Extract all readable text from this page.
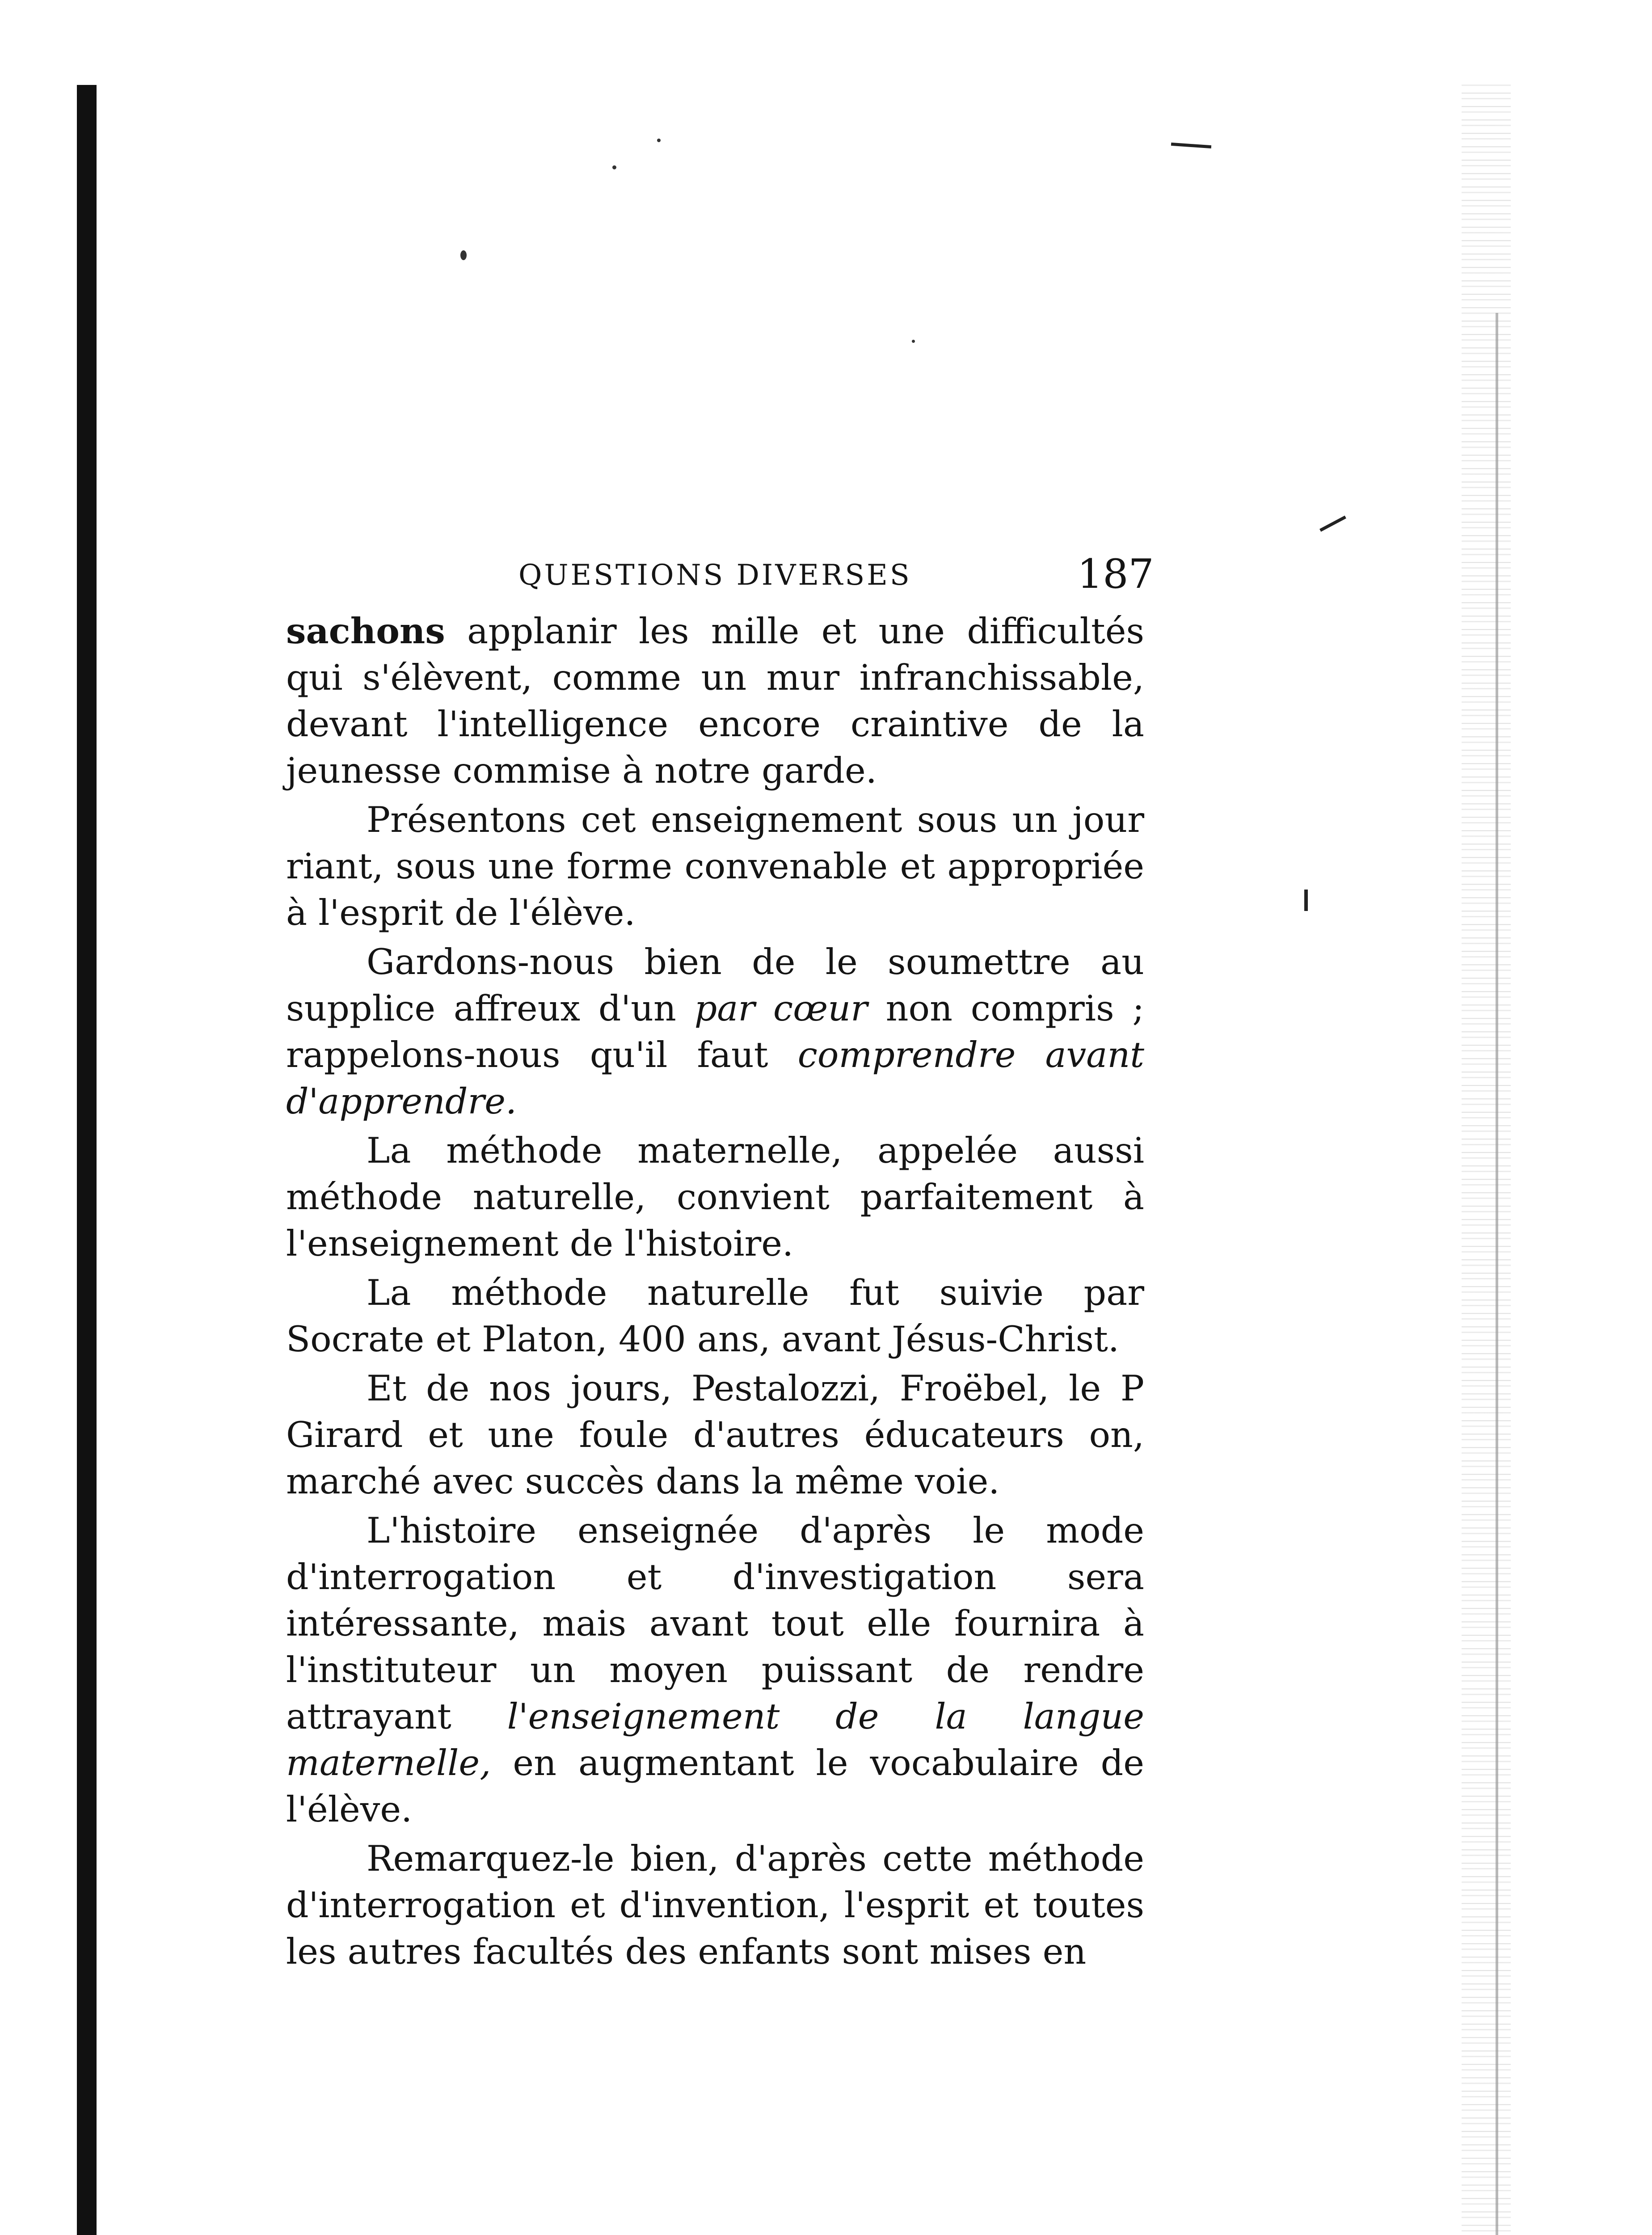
QUESTIONS DIVERSES	187

sachons applanir les mille et une difficultés qui s'élèvent, comme un mur infranchissable, devant l'intelligence encore craintive de la jeunesse commise à notre garde.

Présentons cet enseignement sous un jour riant, sous une forme convenable et appropriée à l'esprit de l'élève.

Gardons-nous bien de le soumettre au supplice affreux d'un par cœur non compris ; rappelons-nous qu'il faut comprendre avant d'apprendre.

La méthode maternelle, appelée aussi méthode naturelle, convient parfaitement à l'enseignement de l'histoire.

La méthode naturelle fut suivie par Socrate et Platon, 400 ans, avant Jésus-Christ.

Et de nos jours, Pestalozzi, Froëbel, le P Girard et une foule d'autres éducateurs on, marché avec succès dans la même voie.

L'histoire enseignée d'après le mode d'interrogation et d'investigation sera intéressante, mais avant tout elle fournira à l'instituteur un moyen puissant de rendre attrayant l'enseignement de la langue maternelle, en augmentant le vocabulaire de l'élève.

Remarquez-le bien, d'après cette méthode d'interrogation et d'invention, l'esprit et toutes les autres facultés des enfants sont mises en
